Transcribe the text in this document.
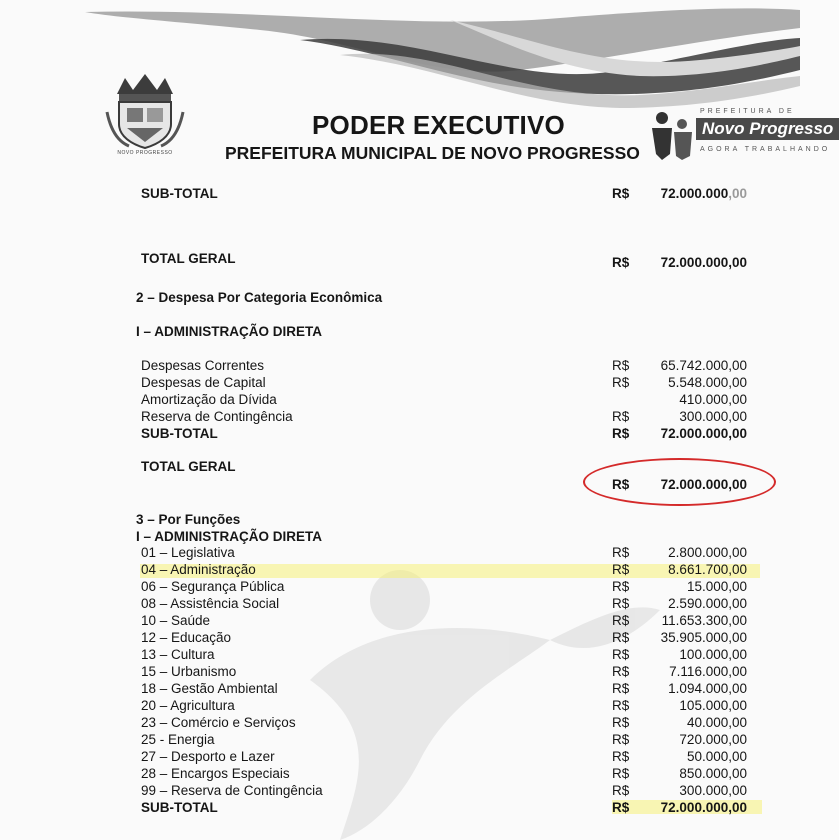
NOVO PROGRESSO
PODER EXECUTIVO
PREFEITURA MUNICIPAL DE NOVO PROGRESSO
PREFEITURA DE
Novo Progresso
AGORA TRABALHANDO
SUB-TOTAL	R$ 72.000.000,00
TOTAL GERAL	R$ 72.000.000,00
2 – Despesa Por Categoria Econômica
I – ADMINISTRAÇÃO DIRETA
Despesas Correntes	R$ 65.742.000,00
Despesas de Capital	R$	5.548.000,00
Amortização da Dívida	410.000,00
Reserva de Contingência	R$	300.000,00
SUB-TOTAL	R$ 72.000.000,00
TOTAL GERAL
R$ 72.000.000,00
3 – Por Funções
I – ADMINISTRAÇÃO DIRETA
01 – Legislativa	R$	2.800.000,00
04 – Administração	R$	8.661.700,00
06 – Segurança Pública	R$	15.000,00
08 – Assistência Social	R$	2.590.000,00
10 – Saúde	R$ 11.653.300,00
12 – Educação	R$ 35.905.000,00
13 – Cultura	R$	100.000,00
15 – Urbanismo	R$	7.116.000,00
18 – Gestão Ambiental	R$	1.094.000,00
20 – Agricultura	R$	105.000,00
23 – Comércio e Serviços	R$	40.000,00
25 - Energia	R$	720.000,00
27 – Desporto e Lazer	R$	50.000,00
28 – Encargos Especiais	R$	850.000,00
99 – Reserva de Contingência	R$	300.000,00
SUB-TOTAL	R$ 72.000.000,00
